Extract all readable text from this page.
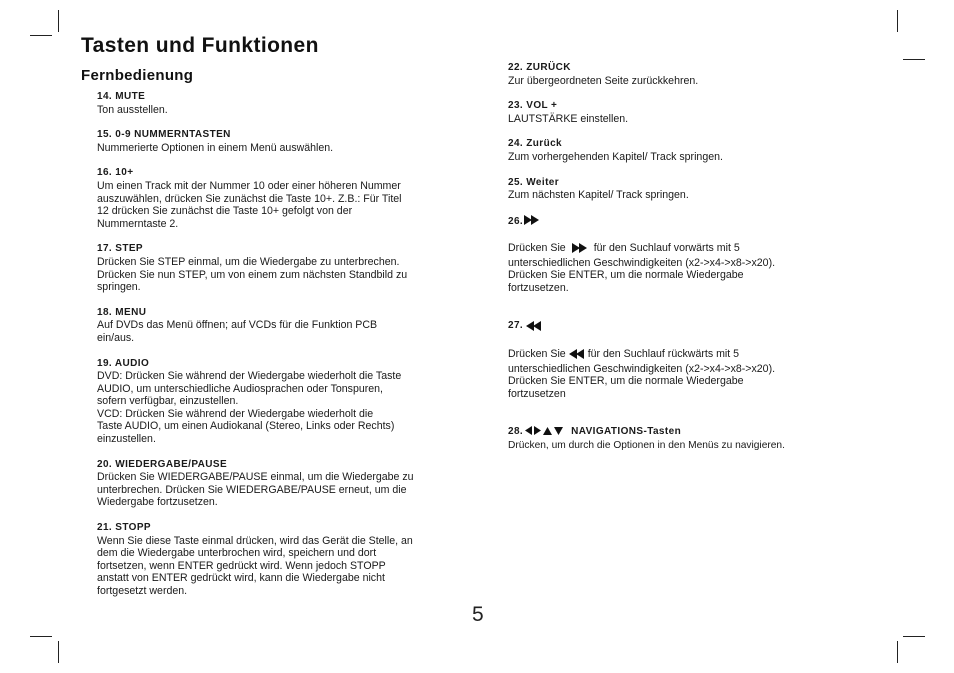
Tasten und Funktionen
Fernbedienung
14. MUTE
Ton ausstellen.
15. 0-9 NUMMERNTASTEN
Nummerierte Optionen in einem Menü auswählen.
16. 10+
Um einen Track mit der Nummer 10 oder einer höheren Nummer
auszuwählen, drücken Sie zunächst die Taste 10+. Z.B.: Für Titel
12 drücken Sie zunächst die Taste 10+ gefolgt von der
Nummerntaste 2.
17. STEP
Drücken Sie STEP einmal, um die Wiedergabe zu unterbrechen.
Drücken Sie nun STEP, um von einem zum nächsten Standbild zu
springen.
18. MENU
Auf DVDs das Menü öffnen; auf VCDs für die Funktion PCB
ein/aus.
19. AUDIO
DVD: Drücken Sie während der Wiedergabe wiederholt die Taste
AUDIO, um unterschiedliche Audiosprachen oder Tonspuren,
sofern verfügbar, einzustellen.
VCD: Drücken Sie während der Wiedergabe wiederholt die
Taste AUDIO, um einen Audiokanal (Stereo, Links oder Rechts)
einzustellen.
20. WIEDERGABE/PAUSE
Drücken Sie WIEDERGABE/PAUSE einmal, um die Wiedergabe zu
unterbrechen. Drücken Sie WIEDERGABE/PAUSE erneut, um die
Wiedergabe fortzusetzen.
21. STOPP
Wenn Sie diese Taste einmal drücken, wird das Gerät die Stelle, an
dem die Wiedergabe unterbrochen wird, speichern und dort
fortsetzen, wenn ENTER gedrückt wird. Wenn jedoch STOPP
anstatt von ENTER gedrückt wird, kann die Wiedergabe nicht
fortgesetzt werden.
22. ZURÜCK
Zur übergeordneten Seite zurückkehren.
23. VOL +
LAUTSTÄRKE einstellen.
24. Zurück
Zum vorhergehenden Kapitel/ Track springen.
25. Weiter
Zum nächsten Kapitel/ Track springen.
26.

Drücken Sie	für den Suchlauf vorwärts mit 5

unterschiedlichen Geschwindigkeiten (x2->x4->x8->x20).
Drücken Sie ENTER, um die normale Wiedergabe
fortzusetzen.

27.

Drücken Sie für den Suchlauf rückwärts mit 5

unterschiedlichen Geschwindigkeiten (x2->x4->x8->x20).
Drücken Sie ENTER, um die normale Wiedergabe
fortzusetzen

28.	NAVIGATIONS-Tasten
Drücken, um durch die Optionen in den Menüs zu navigieren.
5
